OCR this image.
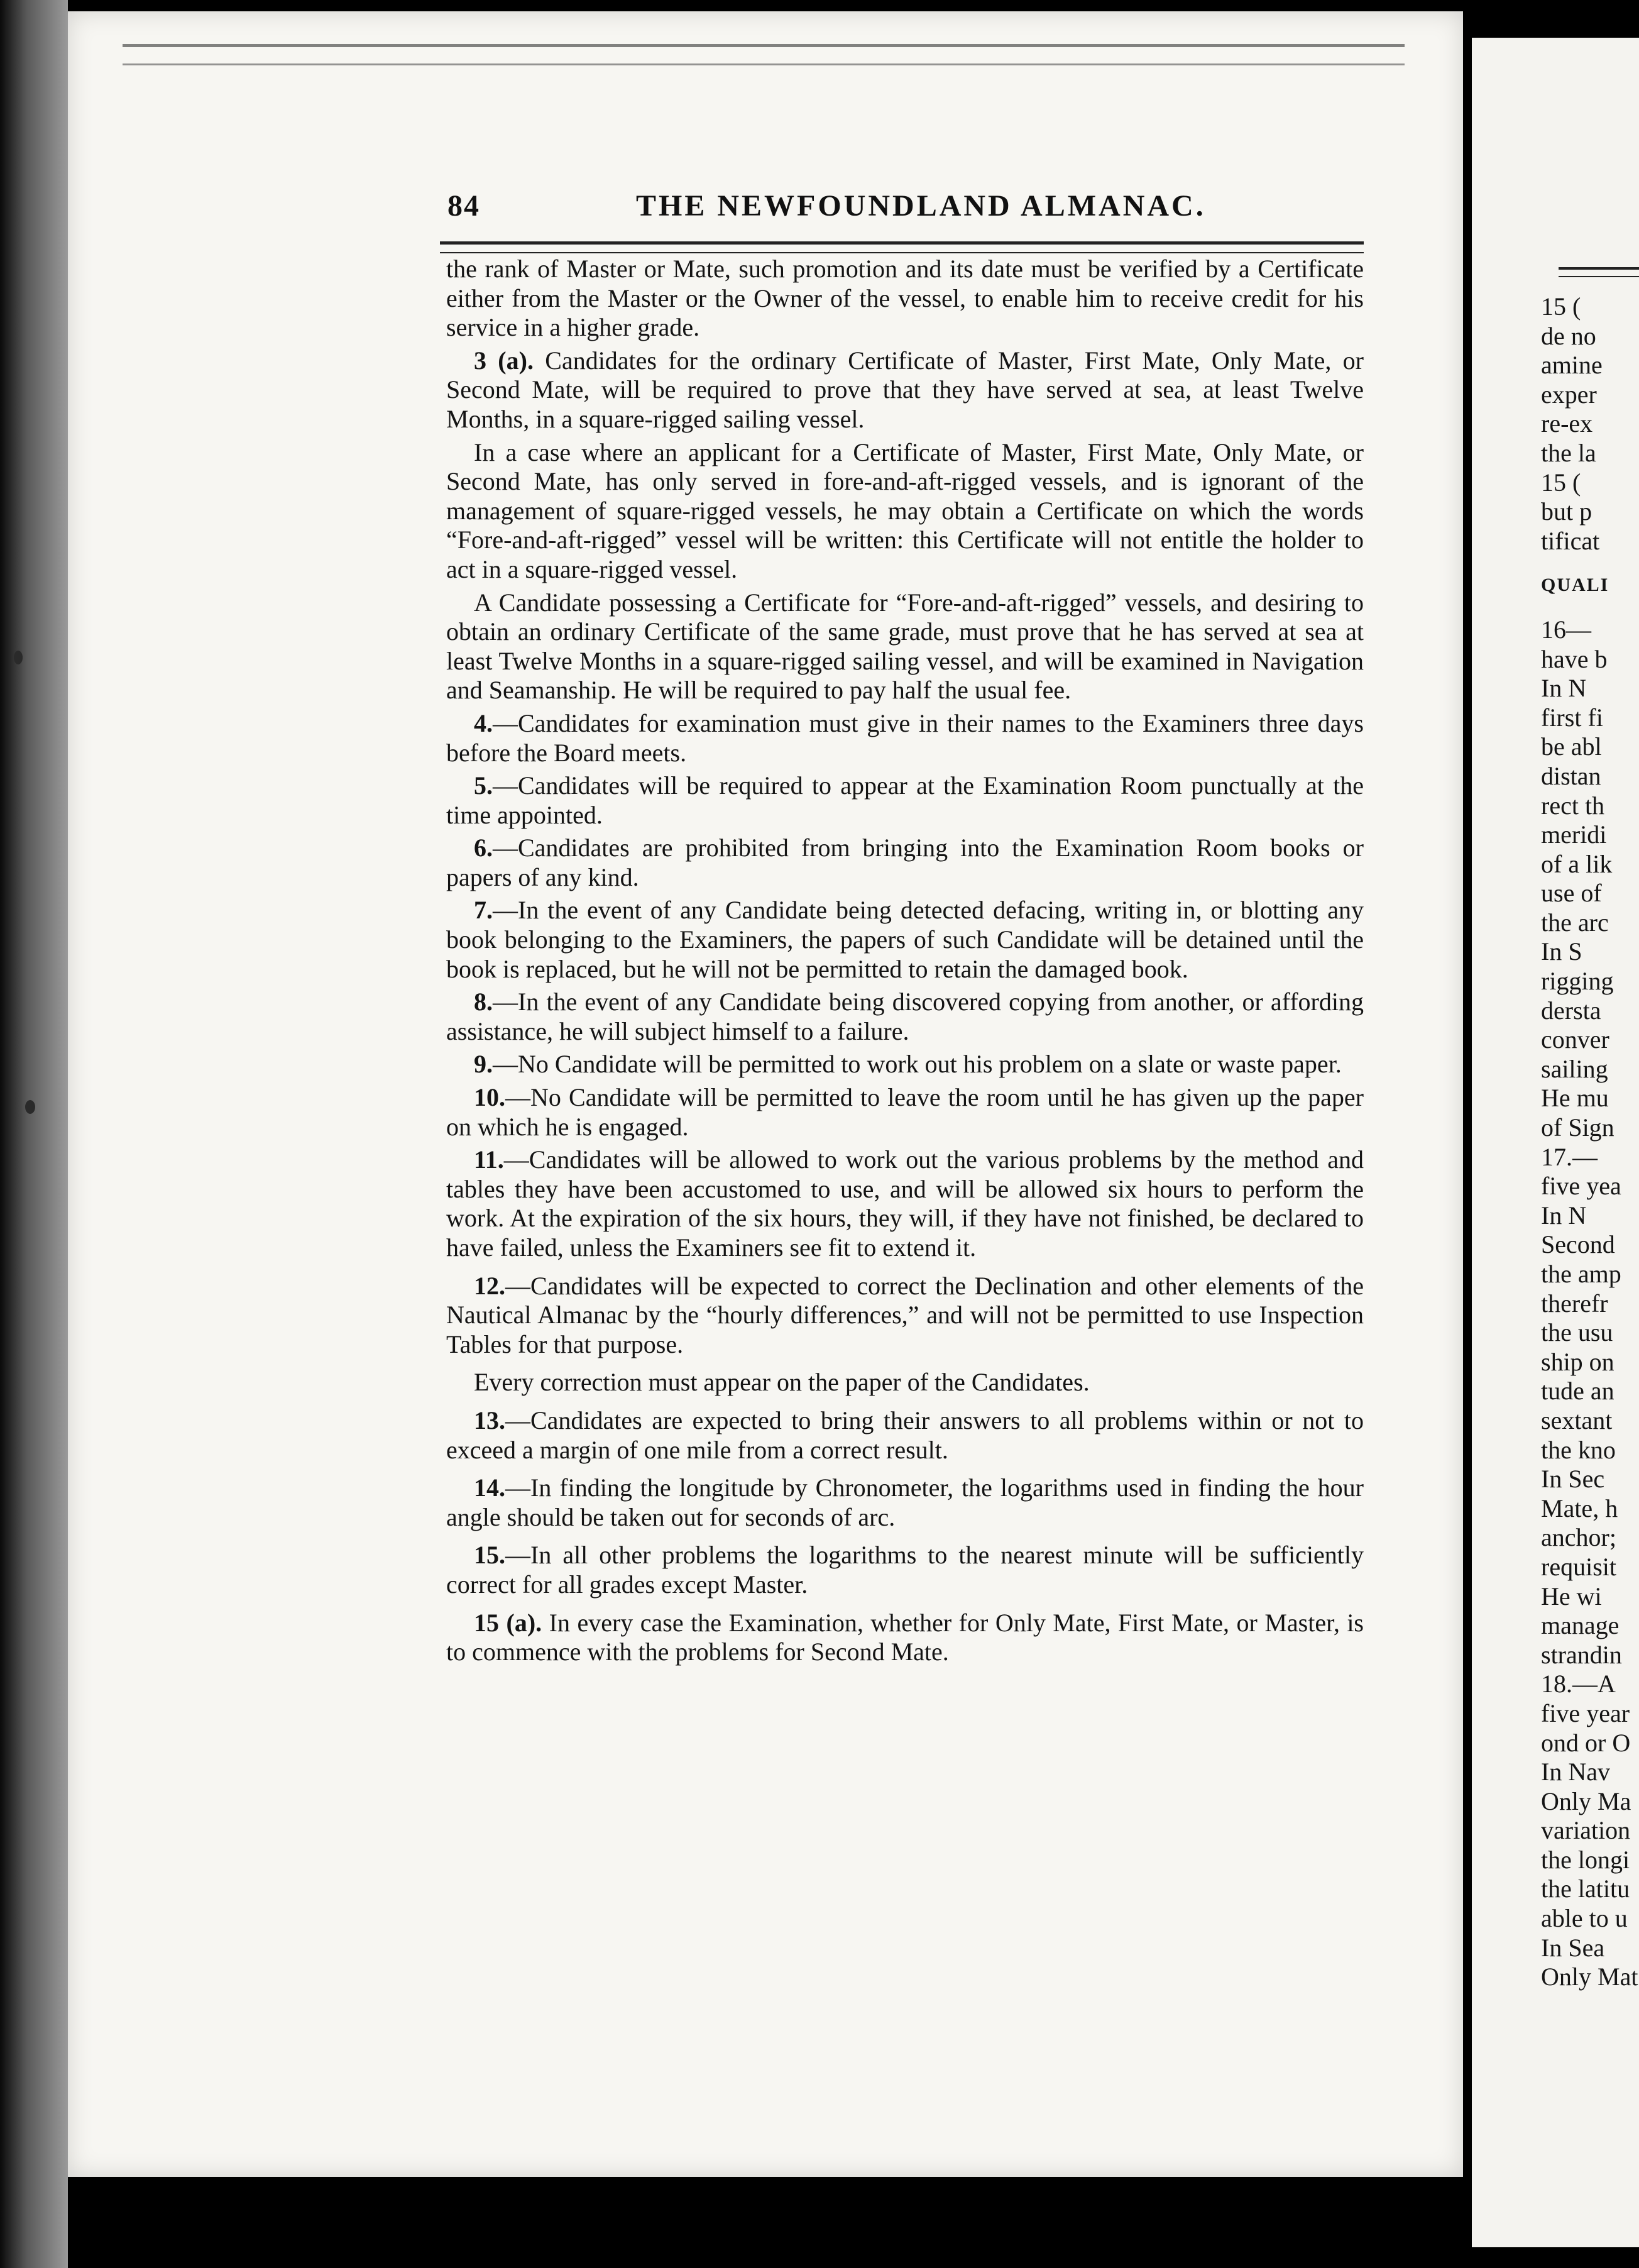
84	THE NEWFOUNDLAND ALMANAC.

the rank of Master or Mate, such promotion and its date must be verified by a Certificate either from the Master or the Owner of the vessel, to enable him to receive credit for his service in a higher grade.

3 (a). Candidates for the ordinary Certificate of Master, First Mate, Only Mate, or Second Mate, will be required to prove that they have served at sea, at least Twelve Months, in a square-rigged sailing vessel.

In a case where an applicant for a Certificate of Master, First Mate, Only Mate, or Second Mate, has only served in fore-and-aft-rigged vessels, and is ignorant of the management of square-rigged vessels, he may obtain a Certificate on which the words “Fore-and-aft-rigged” vessel will be written: this Certificate will not entitle the holder to act in a square-rigged vessel.

A Candidate possessing a Certificate for “Fore-and-aft-rigged” vessels, and desiring to obtain an ordinary Certificate of the same grade, must prove that he has served at sea at least Twelve Months in a square-rigged sailing vessel, and will be examined in Navigation and Seamanship. He will be required to pay half the usual fee.

4.—Candidates for examination must give in their names to the Examiners three days before the Board meets.

5.—Candidates will be required to appear at the Examination Room punctually at the time appointed.

6.—Candidates are prohibited from bringing into the Examination Room books or papers of any kind.

7.—In the event of any Candidate being detected defacing, writing in, or blotting any book belonging to the Examiners, the papers of such Candidate will be detained until the book is replaced, but he will not be permitted to retain the damaged book.

8.—In the event of any Candidate being discovered copying from another, or affording assistance, he will subject himself to a failure.

9.—No Candidate will be permitted to work out his problem on a slate or waste paper.

10.—No Candidate will be permitted to leave the room until he has given up the paper on which he is engaged.

11.—Candidates will be allowed to work out the various problems by the method and tables they have been accustomed to use, and will be allowed six hours to perform the work. At the expiration of the six hours, they will, if they have not finished, be declared to have failed, unless the Examiners see fit to extend it.

12.—Candidates will be expected to correct the Declination and other elements of the Nautical Almanac by the “hourly differences,” and will not be permitted to use Inspection Tables for that purpose.

Every correction must appear on the paper of the Candidates.

13.—Candidates are expected to bring their answers to all problems within or not to exceed a margin of one mile from a correct result.

14.—In finding the longitude by Chronometer, the logarithms used in finding the hour angle should be taken out for seconds of arc.

15.—In all other problems the logarithms to the nearest minute will be sufficiently correct for all grades except Master.

15 (a). In every case the Examination, whether for Only Mate, First Mate, or Master, is to commence with the problems for Second Mate.

15 (
de no
amine
exper
re-ex
the la
15 (
but p
tificat
QUALI
16—
have b
In N
first fi
be abl
distan
rect th
meridi
of a lik
use of
the arc
In S
rigging
dersta
conver
sailing
He mu
of Sign
17.—
five yea
In N
Second
the amp
therefr
the usu
ship on
tude an
sextant
the kno
In Sec
Mate, h
anchor;
requisit
He wi
manage
strandin
18.—A
five year
ond or O
In Nav
Only Ma
variation
the longi
the latitu
able to u
In Sea
Only Mat
